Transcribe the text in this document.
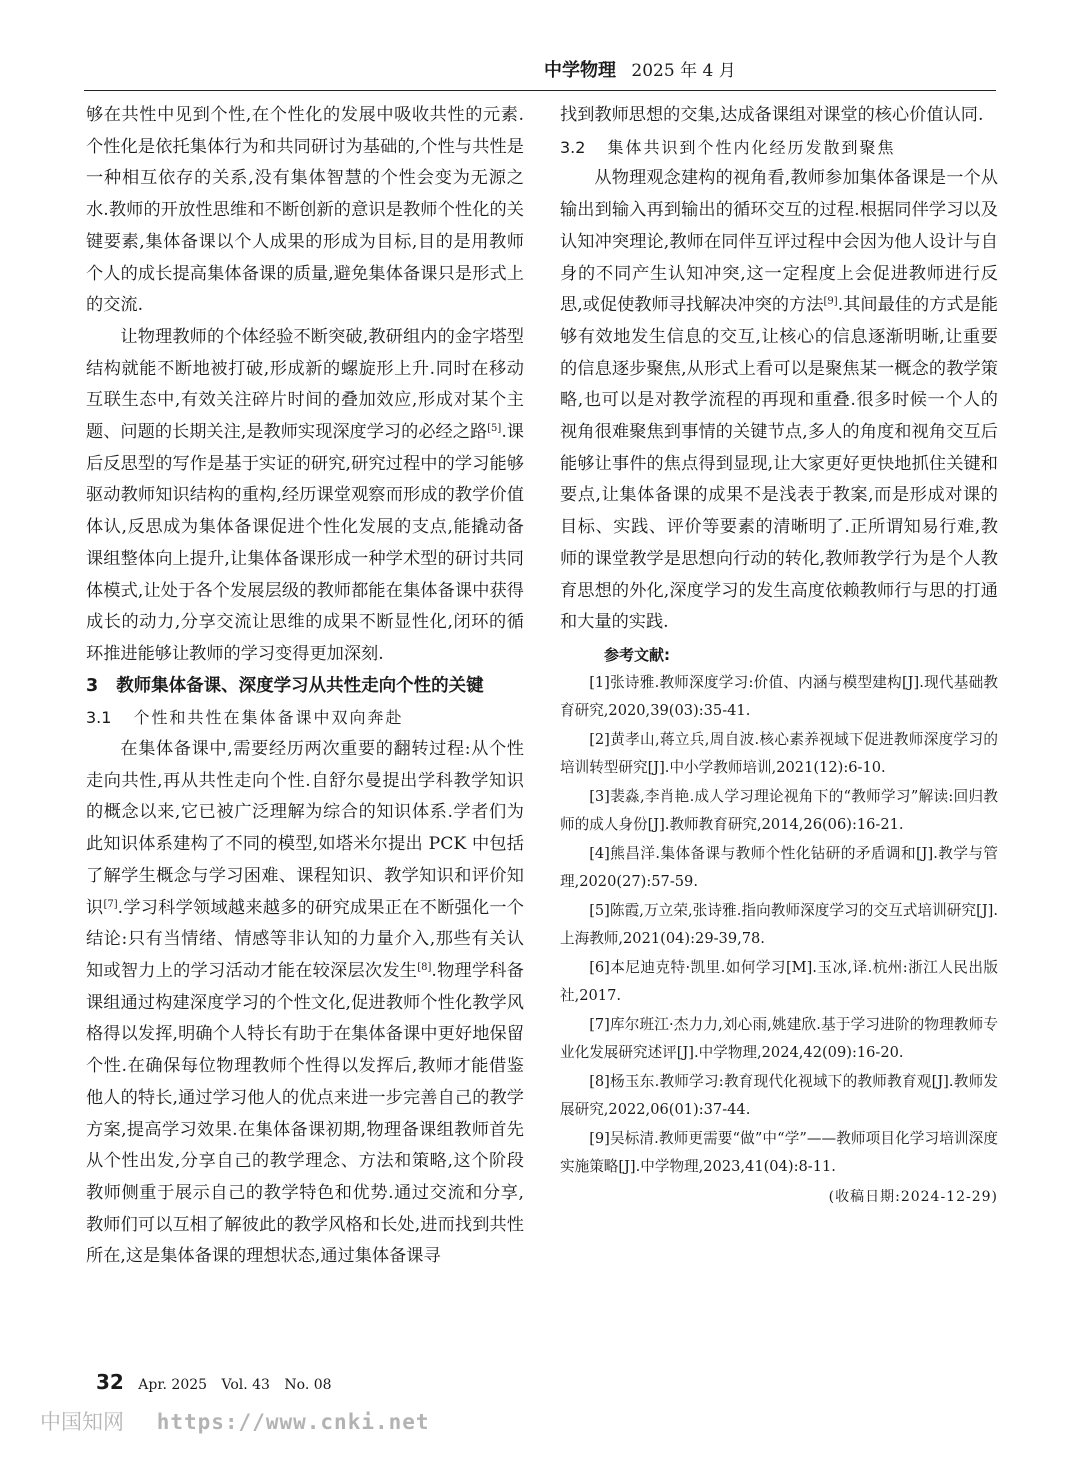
中学物理 2025 年 4 月

够在共性中见到个性,在个性化的发展中吸收共性的元素.个性化是依托集体行为和共同研讨为基础的,个性与共性是一种相互依存的关系,没有集体智慧的个性会变为无源之水.教师的开放性思维和不断创新的意识是教师个性化的关键要素,集体备课以个人成果的形成为目标,目的是用教师个人的成长提高集体备课的质量,避免集体备课只是形式上的交流.

让物理教师的个体经验不断突破,教研组内的金字塔型结构就能不断地被打破,形成新的螺旋形上升.同时在移动互联生态中,有效关注碎片时间的叠加效应,形成对某个主题、问题的长期关注,是教师实现深度学习的必经之路[5].课后反思型的写作是基于实证的研究,研究过程中的学习能够驱动教师知识结构的重构,经历课堂观察而形成的教学价值体认,反思成为集体备课促进个性化发展的支点,能撬动备课组整体向上提升,让集体备课形成一种学术型的研讨共同体模式,让处于各个发展层级的教师都能在集体备课中获得成长的动力,分享交流让思维的成果不断显性化,闭环的循环推进能够让教师的学习变得更加深刻.

3 教师集体备课、深度学习从共性走向个性的关键
3.1 个性和共性在集体备课中双向奔赴

在集体备课中,需要经历两次重要的翻转过程:从个性走向共性,再从共性走向个性.自舒尔曼提出学科教学知识的概念以来,它已被广泛理解为综合的知识体系.学者们为此知识体系建构了不同的模型,如塔米尔提出 PCK 中包括了解学生概念与学习困难、课程知识、教学知识和评价知识[7].学习科学领域越来越多的研究成果正在不断强化一个结论:只有当情绪、情感等非认知的力量介入,那些有关认知或智力上的学习活动才能在较深层次发生[8].物理学科备课组通过构建深度学习的个性文化,促进教师个性化教学风格得以发挥,明确个人特长有助于在集体备课中更好地保留个性.在确保每位物理教师个性得以发挥后,教师才能借鉴他人的特长,通过学习他人的优点来进一步完善自己的教学方案,提高学习效果.在集体备课初期,物理备课组教师首先从个性出发,分享自己的教学理念、方法和策略,这个阶段教师侧重于展示自己的教学特色和优势.通过交流和分享,教师们可以互相了解彼此的教学风格和长处,进而找到共性所在,这是集体备课的理想状态,通过集体备课寻

找到教师思想的交集,达成备课组对课堂的核心价值认同.

3.2 集体共识到个性内化经历发散到聚焦

从物理观念建构的视角看,教师参加集体备课是一个从输出到输入再到输出的循环交互的过程.根据同伴学习以及认知冲突理论,教师在同伴互评过程中会因为他人设计与自身的不同产生认知冲突,这一定程度上会促进教师进行反思,或促使教师寻找解决冲突的方法[9].其间最佳的方式是能够有效地发生信息的交互,让核心的信息逐渐明晰,让重要的信息逐步聚焦,从形式上看可以是聚焦某一概念的教学策略,也可以是对教学流程的再现和重叠.很多时候一个人的视角很难聚焦到事情的关键节点,多人的角度和视角交互后能够让事件的焦点得到显现,让大家更好更快地抓住关键和要点,让集体备课的成果不是浅表于教案,而是形成对课的目标、实践、评价等要素的清晰明了.正所谓知易行难,教师的课堂教学是思想向行动的转化,教师教学行为是个人教育思想的外化,深度学习的发生高度依赖教师行与思的打通和大量的实践.

参考文献:

[1]张诗雅.教师深度学习:价值、内涵与模型建构[J].现代基础教育研究,2020,39(03):35-41.

[2]黄孝山,蒋立兵,周自波.核心素养视域下促进教师深度学习的培训转型研究[J].中小学教师培训,2021(12):6-10.

[3]裴淼,李肖艳.成人学习理论视角下的“教师学习”解读:回归教师的成人身份[J].教师教育研究,2014,26(06):16-21.

[4]熊昌洋.集体备课与教师个性化钻研的矛盾调和[J].教学与管理,2020(27):57-59.

[5]陈霞,万立荣,张诗雅.指向教师深度学习的交互式培训研究[J].上海教师,2021(04):29-39,78.

[6]本尼迪克特·凯里.如何学习[M].玉冰,译.杭州:浙江人民出版社,2017.

[7]库尔班江·杰力力,刘心雨,姚建欣.基于学习进阶的物理教师专业化发展研究述评[J].中学物理,2024,42(09):16-20.

[8]杨玉东.教师学习:教育现代化视域下的教师教育观[J].教师发展研究,2022,06(01):37-44.

[9]吴标清.教师更需要“做”中“学”——教师项目化学习培训深度实施策略[J].中学物理,2023,41(04):8-11.

(收稿日期:2024-12-29)
32 Apr. 2025 Vol. 43 No. 08
中国知网 https://www.cnki.net
